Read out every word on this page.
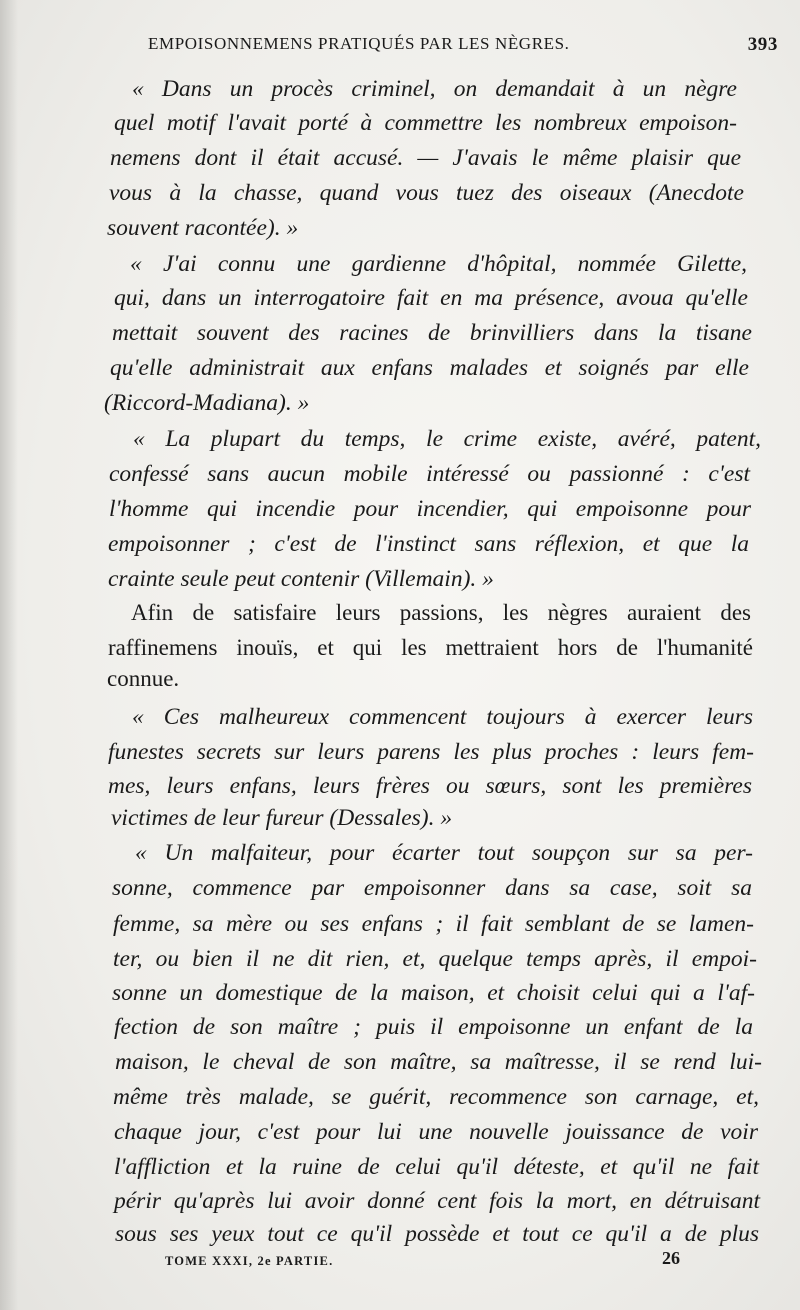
EMPOISONNEMENS PRATIQUÉS PAR LES NÈGRES.	393
« Dans un procès criminel, on demandait à un nègre
quel motif l'avait porté à commettre les nombreux empoison-
nemens dont il était accusé. — J'avais le même plaisir que
vous à la chasse, quand vous tuez des oiseaux (Anecdote
souvent racontée). »
« J'ai connu une gardienne d'hôpital, nommée Gilette,
qui, dans un interrogatoire fait en ma présence, avoua qu'elle
mettait souvent des racines de brinvilliers dans la tisane
qu'elle administrait aux enfans malades et soignés par elle
(Riccord-Madiana). »
« La plupart du temps, le crime existe, avéré, patent,
confessé sans aucun mobile intéressé ou passionné : c'est
l'homme qui incendie pour incendier, qui empoisonne pour
empoisonner ; c'est de l'instinct sans réflexion, et que la
crainte seule peut contenir (Villemain). »
Afin de satisfaire leurs passions, les nègres auraient des
raffinemens inouïs, et qui les mettraient hors de l'humanité
connue.
« Ces malheureux commencent toujours à exercer leurs
funestes secrets sur leurs parens les plus proches : leurs fem-
mes, leurs enfans, leurs frères ou sœurs, sont les premières
victimes de leur fureur (Dessales). »
« Un malfaiteur, pour écarter tout soupçon sur sa per-
sonne, commence par empoisonner dans sa case, soit sa
femme, sa mère ou ses enfans ; il fait semblant de se lamen-
ter, ou bien il ne dit rien, et, quelque temps après, il empoi-
sonne un domestique de la maison, et choisit celui qui a l'af-
fection de son maître ; puis il empoisonne un enfant de la
maison, le cheval de son maître, sa maîtresse, il se rend lui-
même très malade, se guérit, recommence son carnage, et,
chaque jour, c'est pour lui une nouvelle jouissance de voir
l'affliction et la ruine de celui qu'il déteste, et qu'il ne fait
périr qu'après lui avoir donné cent fois la mort, en détruisant
sous ses yeux tout ce qu'il possède et tout ce qu'il a de plus
TOME XXXI, 2e PARTIE.	26
